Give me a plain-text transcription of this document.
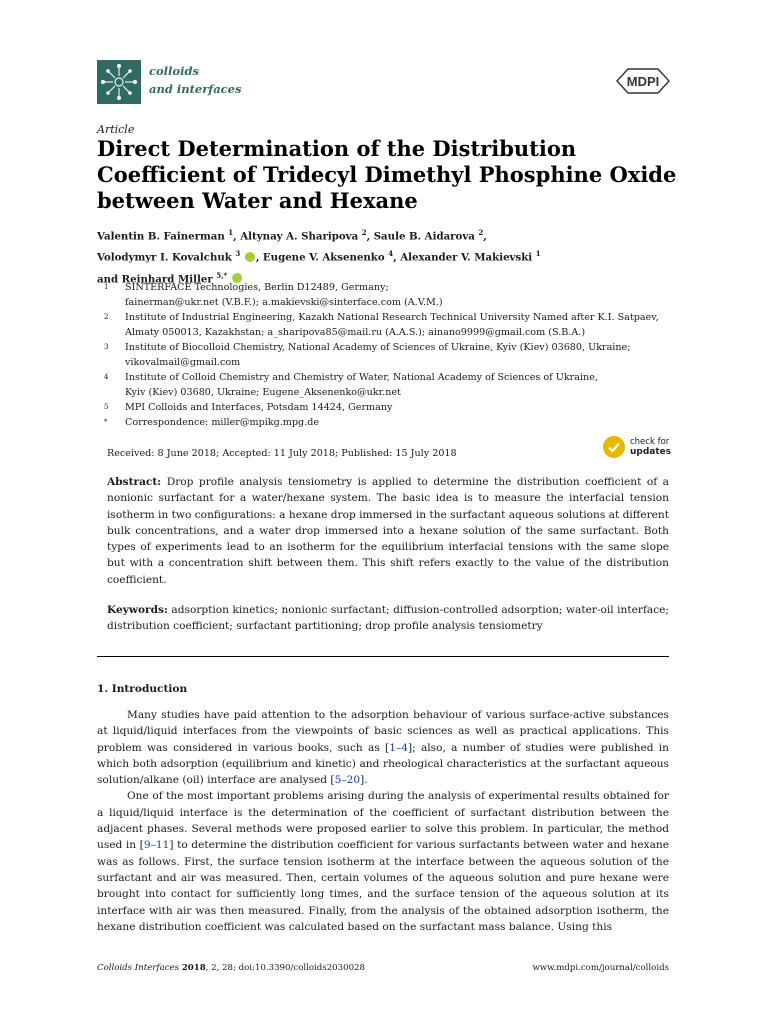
colloids
and interfaces	MDPI
Article
Direct Determination of the Distribution Coefficient of Tridecyl Dimethyl Phosphine Oxide between Water and Hexane
Valentin B. Fainerman $^1$, Altynay A. Sharipova $^2$, Saule B. Aidarova $^2$,
Volodymyr I. Kovalchuk $^3$ , Eugene V. Aksenenko $^4$, Alexander V. Makievski $^1$
and Reinhard Miller $^{5,*}$
1	SINTERFACE Technologies, Berlin D12489, Germany;
fainerman@ukr.net (V.B.F.); a.makievski@sinterface.com (A.V.M.)
2	Institute of Industrial Engineering, Kazakh National Research Technical University Named after K.I. Satpaev,
Almaty 050013, Kazakhstan; a_sharipova85@mail.ru (A.A.S.); ainano9999@gmail.com (S.B.A.)
3	Institute of Biocolloid Chemistry, National Academy of Sciences of Ukraine, Kyiv (Kiev) 03680, Ukraine;
vikovalmail@gmail.com
4	Institute of Colloid Chemistry and Chemistry of Water, National Academy of Sciences of Ukraine,
Kyiv (Kiev) 03680, Ukraine; Eugene_Aksenenko@ukr.net
5	MPI Colloids and Interfaces, Potsdam 14424, Germany
*	Correspondence: miller@mpikg.mpg.de
Received: 8 June 2018; Accepted: 11 July 2018; Published: 15 July 2018
check for
updates
Abstract: Drop profile analysis tensiometry is applied to determine the distribution coefficient of a nonionic surfactant for a water/hexane system. The basic idea is to measure the interfacial tension isotherm in two configurations: a hexane drop immersed in the surfactant aqueous solutions at different bulk concentrations, and a water drop immersed into a hexane solution of the same surfactant. Both types of experiments lead to an isotherm for the equilibrium interfacial tensions with the same slope but with a concentration shift between them. This shift refers exactly to the value of the distribution coefficient.
Keywords: adsorption kinetics; nonionic surfactant; diffusion-controlled adsorption; water-oil interface; distribution coefficient; surfactant partitioning; drop profile analysis tensiometry
1. Introduction

Many studies have paid attention to the adsorption behaviour of various surface-active substances at liquid/liquid interfaces from the viewpoints of basic sciences as well as practical applications. This problem was considered in various books, such as [1–4]; also, a number of studies were published in which both adsorption (equilibrium and kinetic) and rheological characteristics at the surfactant aqueous solution/alkane (oil) interface are analysed [5–20].

One of the most important problems arising during the analysis of experimental results obtained for a liquid/liquid interface is the determination of the coefficient of surfactant distribution between the adjacent phases. Several methods were proposed earlier to solve this problem. In particular, the method used in [9–11] to determine the distribution coefficient for various surfactants between water and hexane was as follows. First, the surface tension isotherm at the interface between the aqueous solution of the surfactant and air was measured. Then, certain volumes of the aqueous solution and pure hexane were brought into contact for sufficiently long times, and the surface tension of the aqueous solution at its interface with air was then measured. Finally, from the analysis of the obtained adsorption isotherm, the hexane distribution coefficient was calculated based on the surfactant mass balance. Using this

Colloids Interfaces 2018, 2, 28; doi:10.3390/colloids2030028	www.mdpi.com/journal/colloids
